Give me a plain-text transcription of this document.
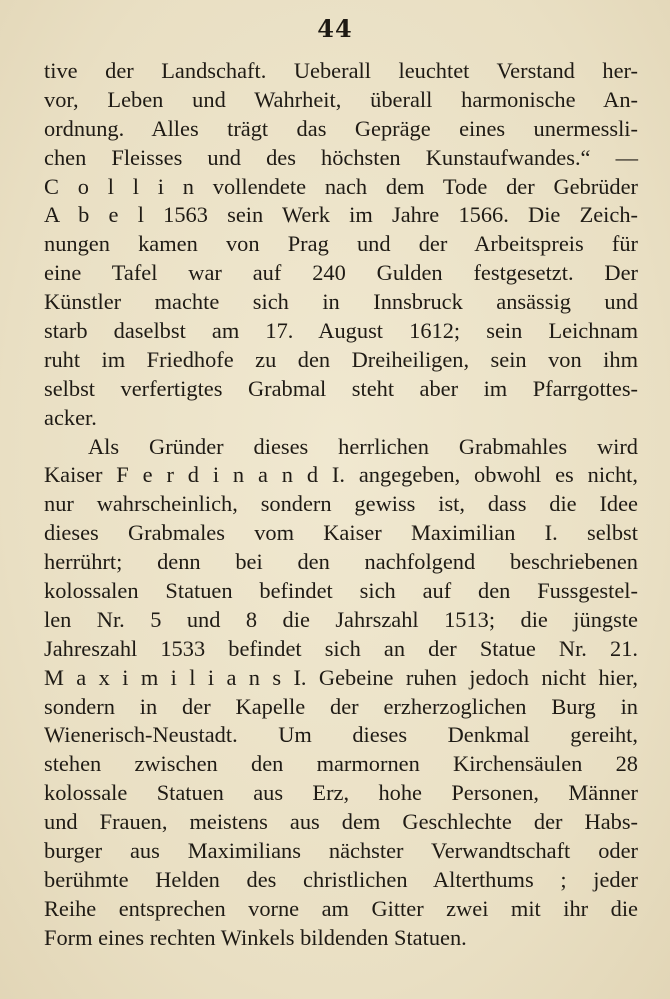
44
tive der Landschaft. Ueberall leuchtet Verstand her-
vor, Leben und Wahrheit, überall harmonische An-
ordnung. Alles trägt das Gepräge eines unermessli-
chen Fleisses und des höchsten Kunstaufwandes.“ —
C o l l i n vollendete nach dem Tode der Gebrüder
A b e l 1563 sein Werk im Jahre 1566. Die Zeich-
nungen kamen von Prag und der Arbeitspreis für
eine Tafel war auf 240 Gulden festgesetzt. Der
Künstler machte sich in Innsbruck ansässig und
starb daselbst am 17. August 1612; sein Leichnam
ruht im Friedhofe zu den Dreiheiligen, sein von ihm
selbst verfertigtes Grabmal steht aber im Pfarrgottes-
acker.
Als Gründer dieses herrlichen Grabmahles wird
Kaiser F e r d i n a n d I. angegeben, obwohl es nicht,
nur wahrscheinlich, sondern gewiss ist, dass die Idee
dieses Grabmales vom Kaiser Maximilian I. selbst
herrührt; denn bei den nachfolgend beschriebenen
kolossalen Statuen befindet sich auf den Fussgestel-
len Nr. 5 und 8 die Jahrszahl 1513; die jüngste
Jahreszahl 1533 befindet sich an der Statue Nr. 21.
M a x i m i l i a n s I. Gebeine ruhen jedoch nicht hier,
sondern in der Kapelle der erzherzoglichen Burg in
Wienerisch-Neustadt. Um dieses Denkmal gereiht,
stehen zwischen den marmornen Kirchensäulen 28
kolossale Statuen aus Erz, hohe Personen, Männer
und Frauen, meistens aus dem Geschlechte der Habs-
burger aus Maximilians nächster Verwandtschaft oder
berühmte Helden des christlichen Alterthums ; jeder
Reihe entsprechen vorne am Gitter zwei mit ihr die
Form eines rechten Winkels bildenden Statuen.
